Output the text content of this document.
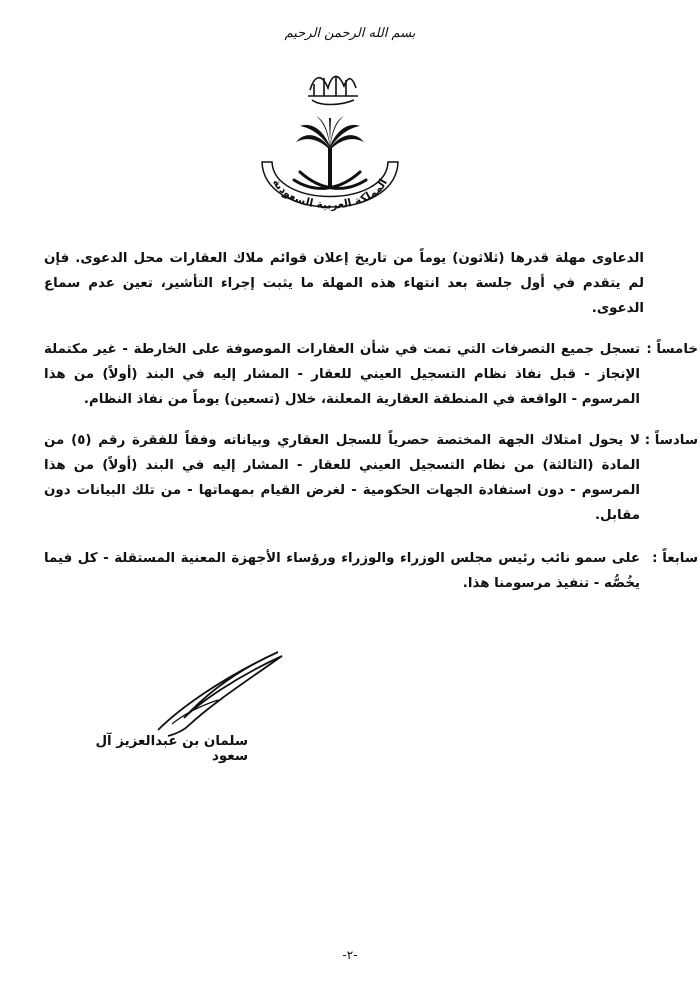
بسم الله الرحمن الرحيم
المملكة العربية السعودية
الدعاوى مهلة قدرها (ثلاثون) يوماً من تاريخ إعلان قوائم ملاك العقارات محل الدعوى. فإن لم يتقدم في أول جلسة بعد انتهاء هذه المهلة ما يثبت إجراء التأشير، تعين عدم سماع الدعوى.
خامساً :
تسجل جميع التصرفات التي تمت في شأن العقارات الموصوفة على الخارطة - غير مكتملة الإنجاز - قبل نفاذ نظام التسجيل العيني للعقار - المشار إليه في البند (أولاً) من هذا المرسوم - الواقعة في المنطقة العقارية المعلنة، خلال (تسعين) يوماً من نفاذ النظام.
سادساً :
لا يحول امتلاك الجهة المختصة حصرياً للسجل العقاري وبياناته وفقاً للفقرة رقم (٥) من المادة (الثالثة) من نظام التسجيل العيني للعقار - المشار إليه في البند (أولاً) من هذا المرسوم - دون استفادة الجهات الحكومية - لغرض القيام بمهماتها - من تلك البيانات دون مقابل.
سابعاً :
على سمو نائب رئيس مجلس الوزراء والوزراء ورؤساء الأجهزة المعنية المستقلة - كل فيما يخُصُّه - تنفيذ مرسومنا هذا.
سلمان بن عبدالعزيز آل سعود
-٢-
